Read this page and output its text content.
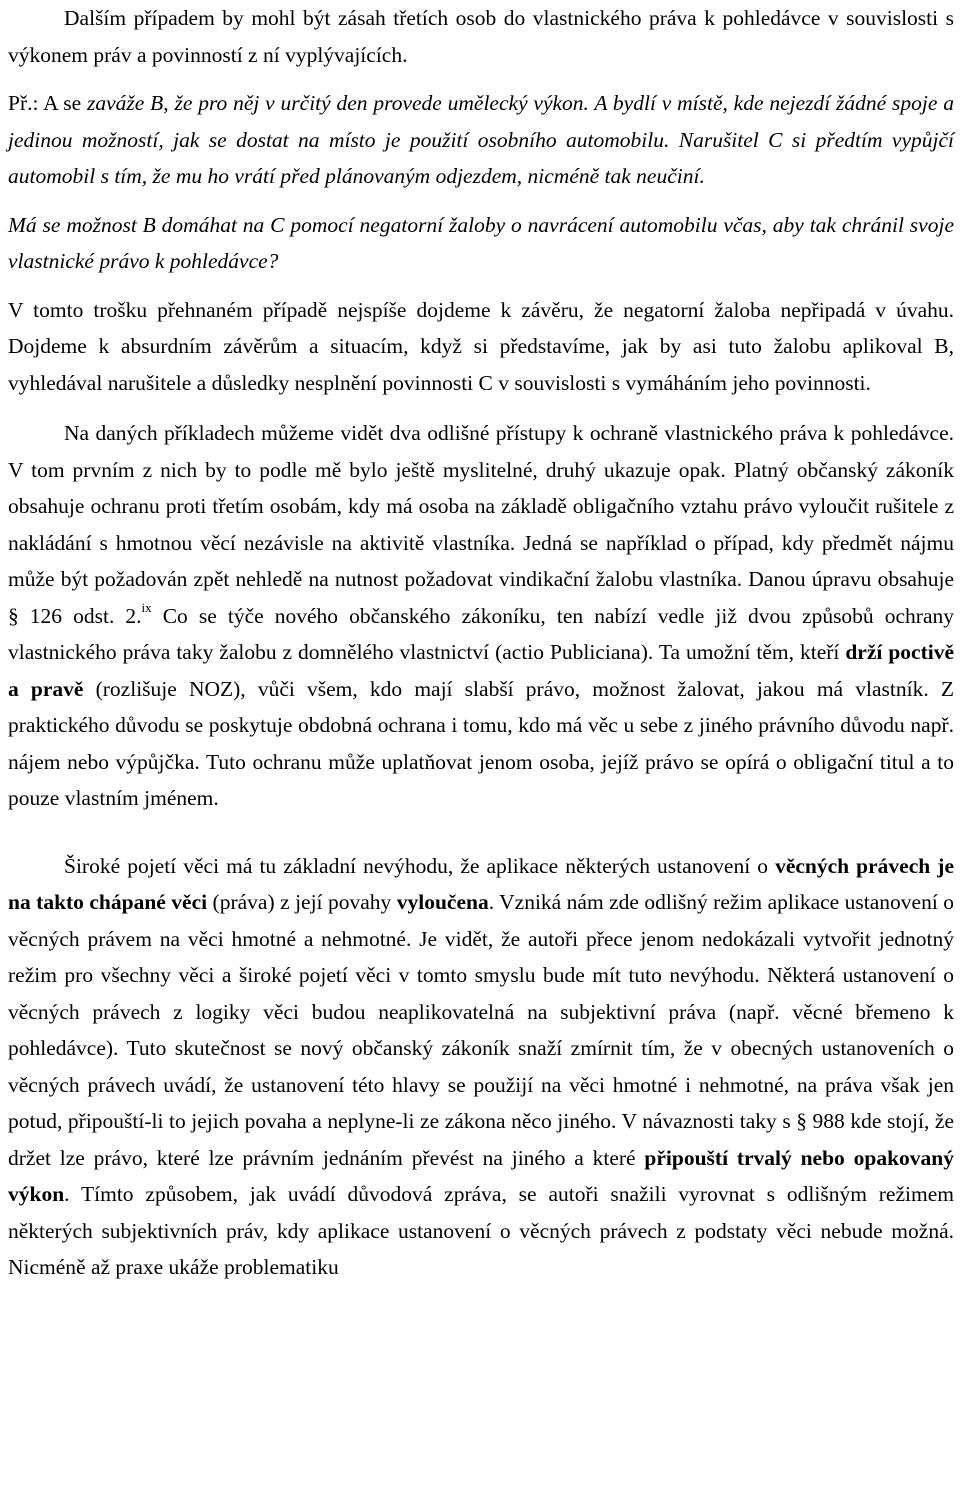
Dalším případem by mohl být zásah třetích osob do vlastnického práva k pohledávce v souvislosti s výkonem práv a povinností z ní vyplývajících.

Př.: A se zaváže B, že pro něj v určitý den provede umělecký výkon. A bydlí v místě, kde nejezdí žádné spoje a jedinou možností, jak se dostat na místo je použití osobního automobilu. Narušitel C si předtím vypůjčí automobil s tím, že mu ho vrátí před plánovaným odjezdem, nicméně tak neučiní.

Má se možnost B domáhat na C pomocí negatorní žaloby o navrácení automobilu včas, aby tak chránil svoje vlastnické právo k pohledávce?

V tomto trošku přehnaném případě nejspíše dojdeme k závěru, že negatorní žaloba nepřipadá v úvahu. Dojdeme k absurdním závěrům a situacím, když si představíme, jak by asi tuto žalobu aplikoval B, vyhledával narušitele a důsledky nesplnění povinnosti C v souvislosti s vymáháním jeho povinnosti.

Na daných příkladech můžeme vidět dva odlišné přístupy k ochraně vlastnického práva k pohledávce. V tom prvním z nich by to podle mě bylo ještě myslitelné, druhý ukazuje opak. Platný občanský zákoník obsahuje ochranu proti třetím osobám, kdy má osoba na základě obligačního vztahu právo vyloučit rušitele z nakládání s hmotnou věcí nezávisle na aktivitě vlastníka. Jedná se například o případ, kdy předmět nájmu může být požadován zpět nehledě na nutnost požadovat vindikační žalobu vlastníka. Danou úpravu obsahuje § 126 odst. 2.$^{ix}$ Co se týče nového občanského zákoníku, ten nabízí vedle již dvou způsobů ochrany vlastnického práva taky žalobu z domnělého vlastnictví (actio Publiciana). Ta umožní těm, kteří drží poctivě a pravě (rozlišuje NOZ), vůči všem, kdo mají slabší právo, možnost žalovat, jakou má vlastník. Z praktického důvodu se poskytuje obdobná ochrana i tomu, kdo má věc u sebe z jiného právního důvodu např. nájem nebo výpůjčka. Tuto ochranu může uplatňovat jenom osoba, jejíž právo se opírá o obligační titul a to pouze vlastním jménem.

Široké pojetí věci má tu základní nevýhodu, že aplikace některých ustanovení o věcných právech je na takto chápané věci (práva) z její povahy vyloučena. Vzniká nám zde odlišný režim aplikace ustanovení o věcných právem na věci hmotné a nehmotné. Je vidět, že autoři přece jenom nedokázali vytvořit jednotný režim pro všechny věci a široké pojetí věci v tomto smyslu bude mít tuto nevýhodu. Některá ustanovení o věcných právech z logiky věci budou neaplikovatelná na subjektivní práva (např. věcné břemeno k pohledávce). Tuto skutečnost se nový občanský zákoník snaží zmírnit tím, že v obecných ustanoveních o věcných právech uvádí, že ustanovení této hlavy se použijí na věci hmotné i nehmotné, na práva však jen potud, připouští-li to jejich povaha a neplyne-li ze zákona něco jiného. V návaznosti taky s § 988 kde stojí, že držet lze právo, které lze právním jednáním převést na jiného a které připouští trvalý nebo opakovaný výkon. Tímto způsobem, jak uvádí důvodová zpráva, se autoři snažili vyrovnat s odlišným režimem některých subjektivních práv, kdy aplikace ustanovení o věcných právech z podstaty věci nebude možná. Nicméně až praxe ukáže problematiku
